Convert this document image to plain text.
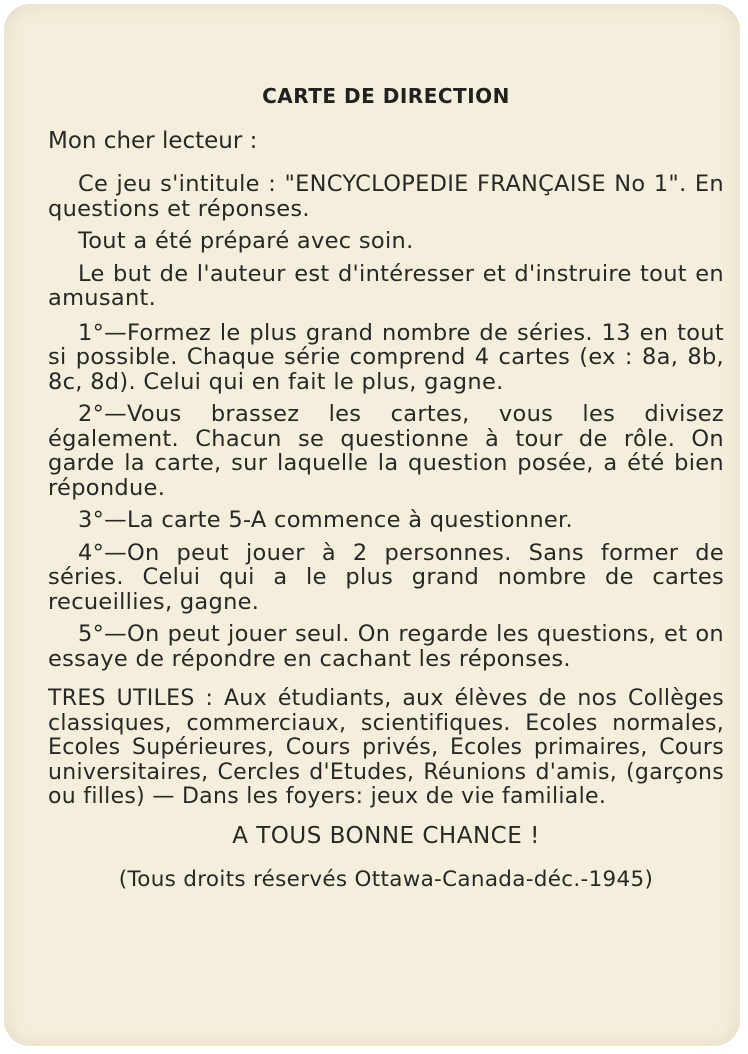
CARTE DE DIRECTION
Mon cher lecteur :

Ce jeu s'intitule : "ENCYCLOPEDIE FRANÇAISE No 1". En questions et réponses.

Tout a été préparé avec soin.

Le but de l'auteur est d'intéresser et d'instruire tout en amusant.

1°—Formez le plus grand nombre de séries. 13 en tout si possible. Chaque série comprend 4 cartes (ex : 8a, 8b, 8c, 8d). Celui qui en fait le plus, gagne.

2°—Vous brassez les cartes, vous les divisez également. Chacun se questionne à tour de rôle. On garde la carte, sur laquelle la question posée, a été bien répondue.

3°—La carte 5-A commence à questionner.

4°—On peut jouer à 2 personnes. Sans former de séries. Celui qui a le plus grand nombre de cartes recueillies, gagne.

5°—On peut jouer seul. On regarde les questions, et on essaye de répondre en cachant les réponses.

TRES UTILES : Aux étudiants, aux élèves de nos Collèges classiques, commerciaux, scientifiques. Ecoles normales, Ecoles Supérieures, Cours privés, Ecoles primaires, Cours universitaires, Cercles d'Etudes, Réunions d'amis, (garçons ou filles) — Dans les foyers: jeux de vie familiale.

A TOUS BONNE CHANCE !
(Tous droits réservés Ottawa-Canada-déc.-1945)
